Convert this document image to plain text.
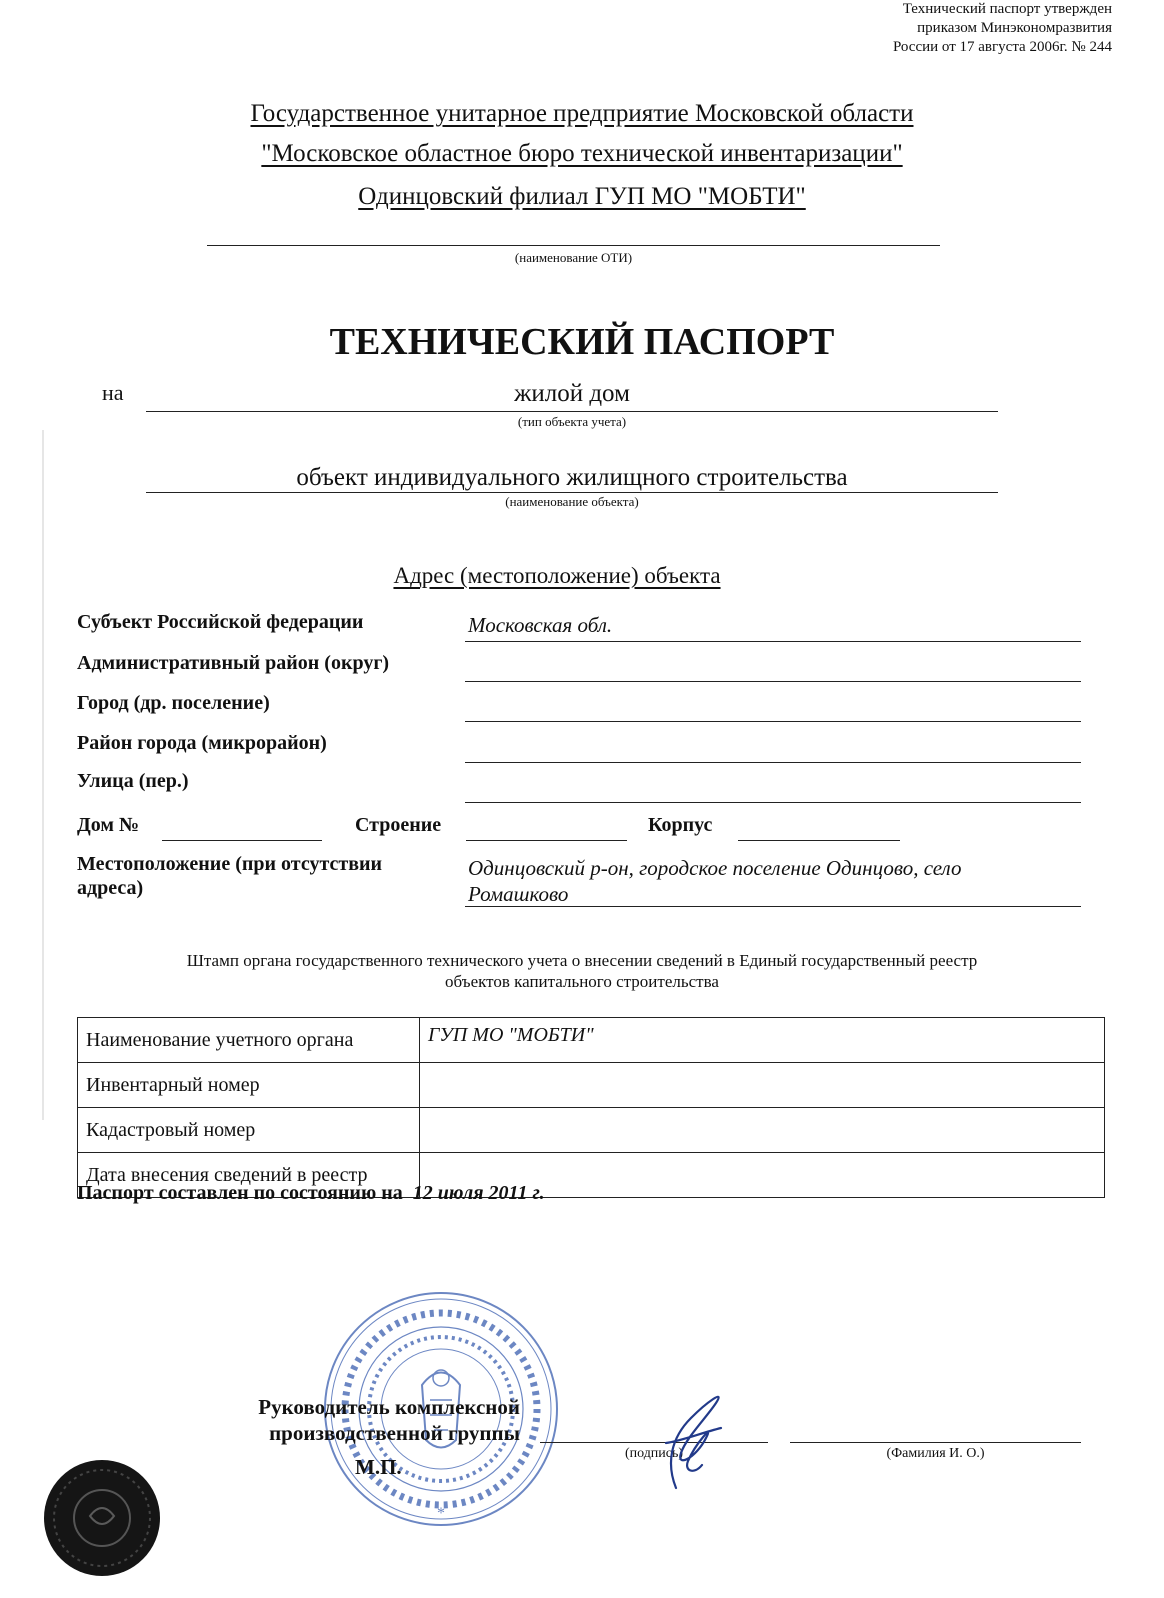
Технический паспорт утвержден
приказом Минэкономразвития
России от 17 августа 2006г. № 244
Государственное унитарное предприятие Московской области
"Московское областное бюро технической инвентаризации"
Одинцовский филиал ГУП МО "МОБТИ"
(наименование ОТИ)
ТЕХНИЧЕСКИЙ ПАСПОРТ
на	жилой дом
(тип объекта учета)
объект индивидуального жилищного строительства
(наименование объекта)
Адрес (местоположение) объекта
Субъект Российской федерации	Московская обл.
Административный район (округ)
Город (др. поселение)
Район города (микрорайон)
Улица (пер.)
Дом №	Строение	Корпус
Местоположение (при отсутствии
адреса)
Одинцовский р-он, городское поселение Одинцово, село
Ромашково
Штамп органа государственного технического учета о внесении сведений в Единый государственный реестр
объектов капитального строительства
Наименование учетного органа	ГУП МО "МОБТИ"
Инвентарный номер	
Кадастровый номер	
Дата внесения сведений в реестр	
Паспорт составлен по состоянию на 12 июля 2011 г.
*
Руководитель комплексной
производственной группы
М.П.
(подпись)	(Фамилия И. О.)
